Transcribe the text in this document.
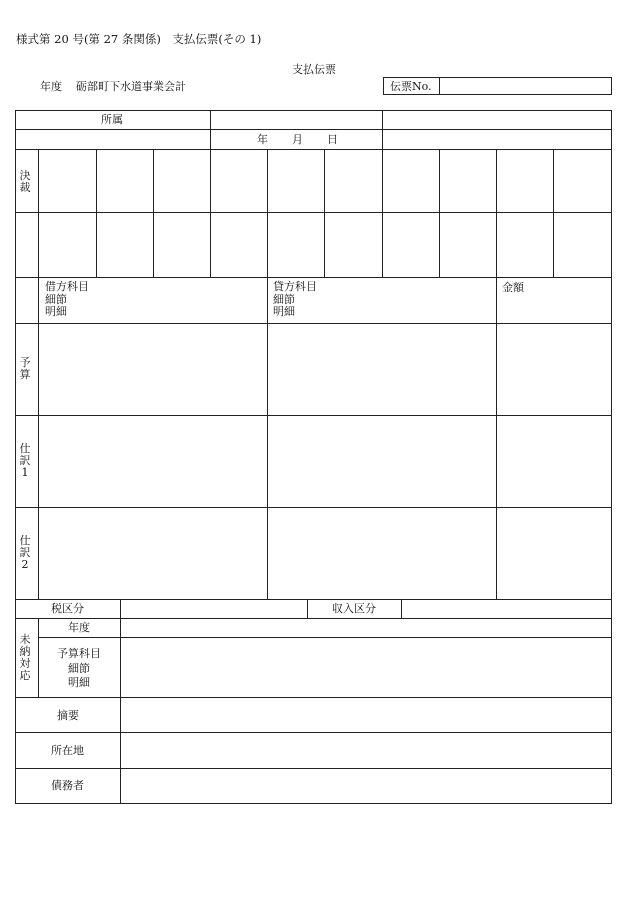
様式第 20 号(第 27 条関係)　支払伝票(その 1)
支払伝票
年度 砺部町下水道事業会計	伝票No.
所属
年 月 日
決
裁
借方科目
細節
明細
貸方科目
細節
明細
金額
予
算
仕
訳
1
仕
訳
2
税区分	収入区分
未
納
対
応
年度
予算科目
細節
明細
摘要
所在地
債務者
